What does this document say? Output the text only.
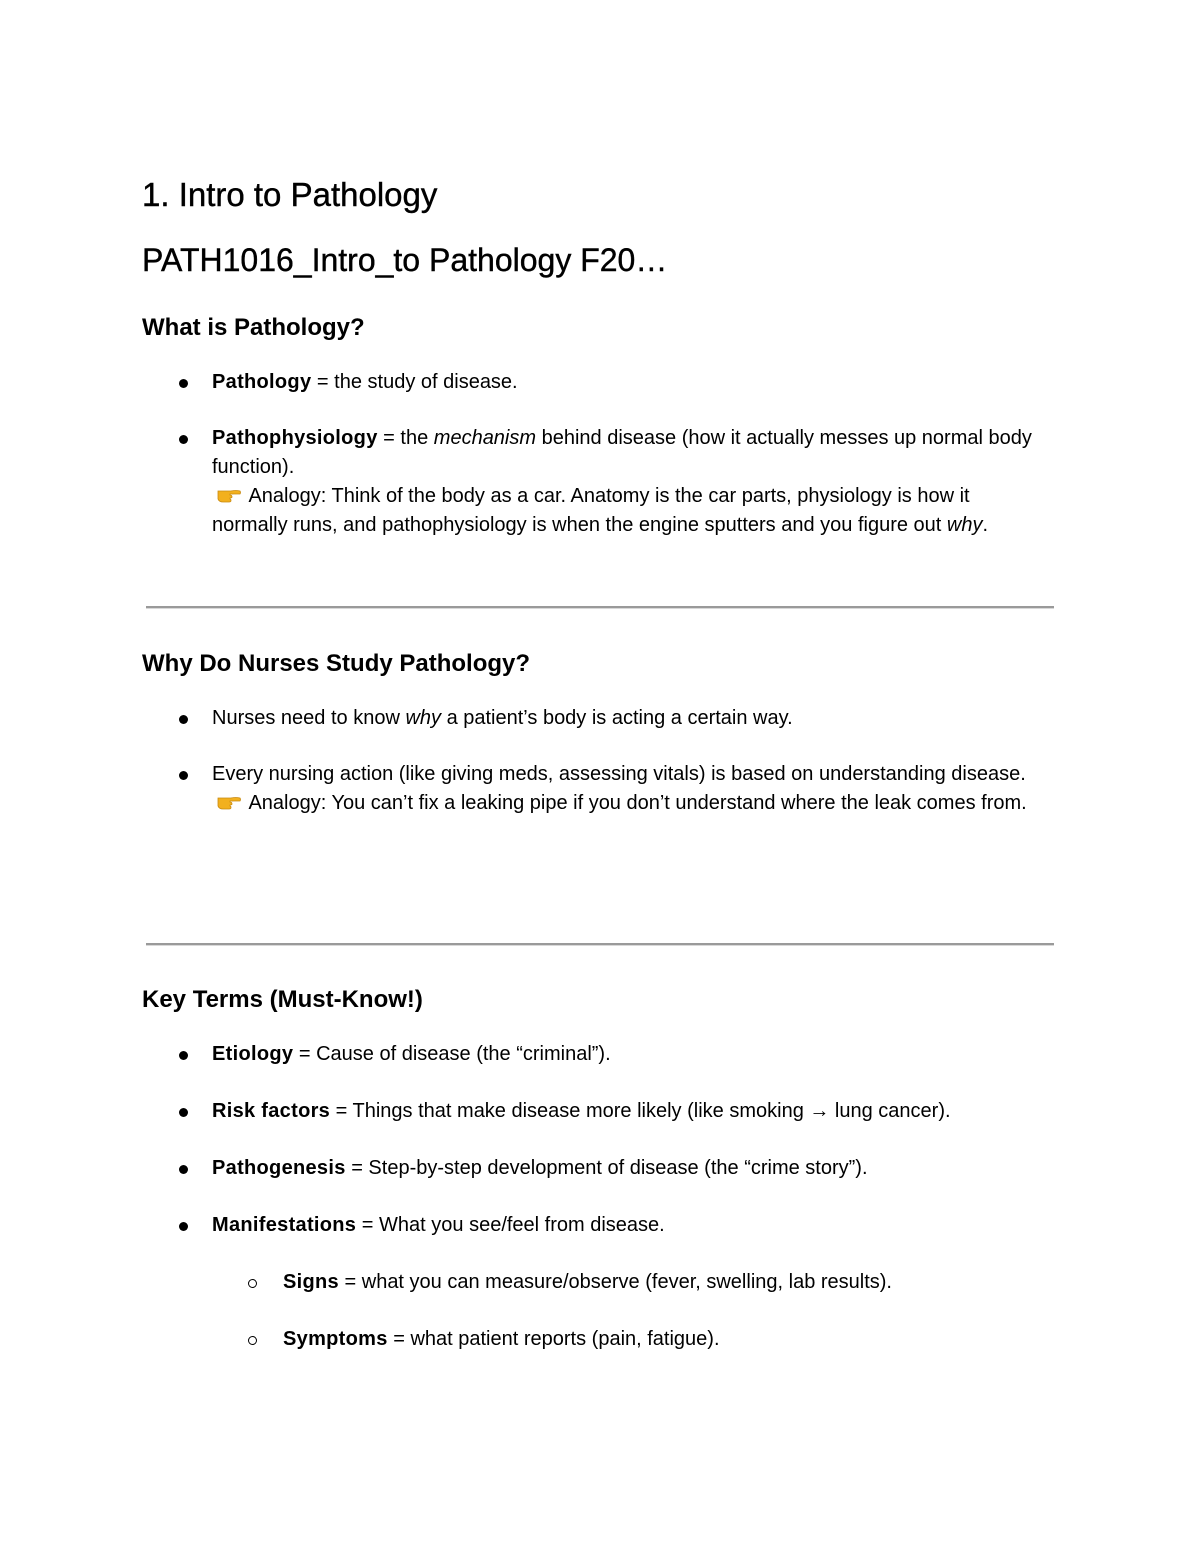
1. Intro to Pathology
PATH1016_Intro_to Pathology F20…
What is Pathology?
Pathology = the study of disease.
Pathophysiology = the mechanism behind disease (how it actually messes up normal body function).
Analogy: Think of the body as a car. Anatomy is the car parts, physiology is how it normally runs, and pathophysiology is when the engine sputters and you figure out why.
Why Do Nurses Study Pathology?
Nurses need to know why a patient’s body is acting a certain way.
Every nursing action (like giving meds, assessing vitals) is based on understanding disease.
Analogy: You can’t fix a leaking pipe if you don’t understand where the leak comes from.
Key Terms (Must-Know!)
Etiology = Cause of disease (the “criminal”).
Risk factors = Things that make disease more likely (like smoking → lung cancer).
Pathogenesis = Step-by-step development of disease (the “crime story”).
Manifestations = What you see/feel from disease.
Signs = what you can measure/observe (fever, swelling, lab results).
Symptoms = what patient reports (pain, fatigue).
